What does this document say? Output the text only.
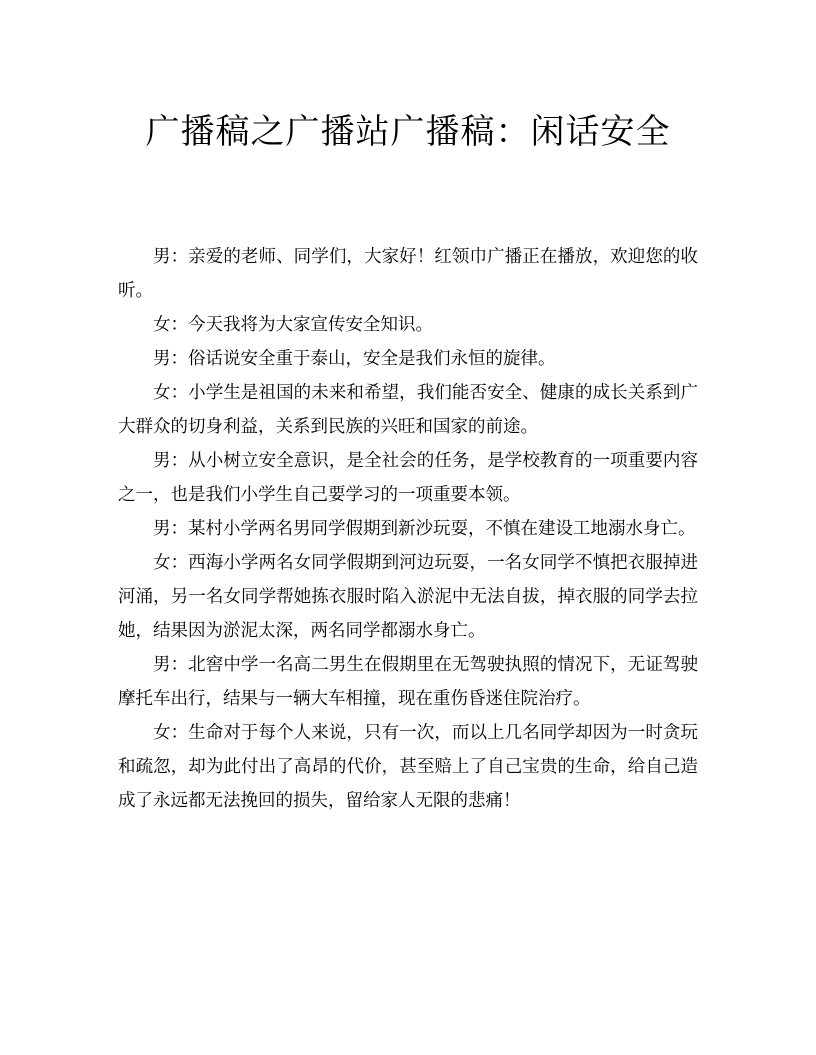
广播稿之广播站广播稿：闲话安全

男：亲爱的老师、同学们，大家好！红领巾广播正在播放，欢迎您的收听。

女：今天我将为大家宣传安全知识。

男：俗话说安全重于泰山，安全是我们永恒的旋律。

女：小学生是祖国的未来和希望，我们能否安全、健康的成长关系到广大群众的切身利益，关系到民族的兴旺和国家的前途。

男：从小树立安全意识，是全社会的任务，是学校教育的一项重要内容之一，也是我们小学生自己要学习的一项重要本领。

男：某村小学两名男同学假期到新沙玩耍，不慎在建设工地溺水身亡。

女：西海小学两名女同学假期到河边玩耍，一名女同学不慎把衣服掉进河涌，另一名女同学帮她拣衣服时陷入淤泥中无法自拔，掉衣服的同学去拉她，结果因为淤泥太深，两名同学都溺水身亡。

男：北窖中学一名高二男生在假期里在无驾驶执照的情况下，无证驾驶摩托车出行，结果与一辆大车相撞，现在重伤昏迷住院治疗。

女：生命对于每个人来说，只有一次，而以上几名同学却因为一时贪玩和疏忽，却为此付出了高昂的代价，甚至赔上了自己宝贵的生命，给自己造成了永远都无法挽回的损失，留给家人无限的悲痛！
